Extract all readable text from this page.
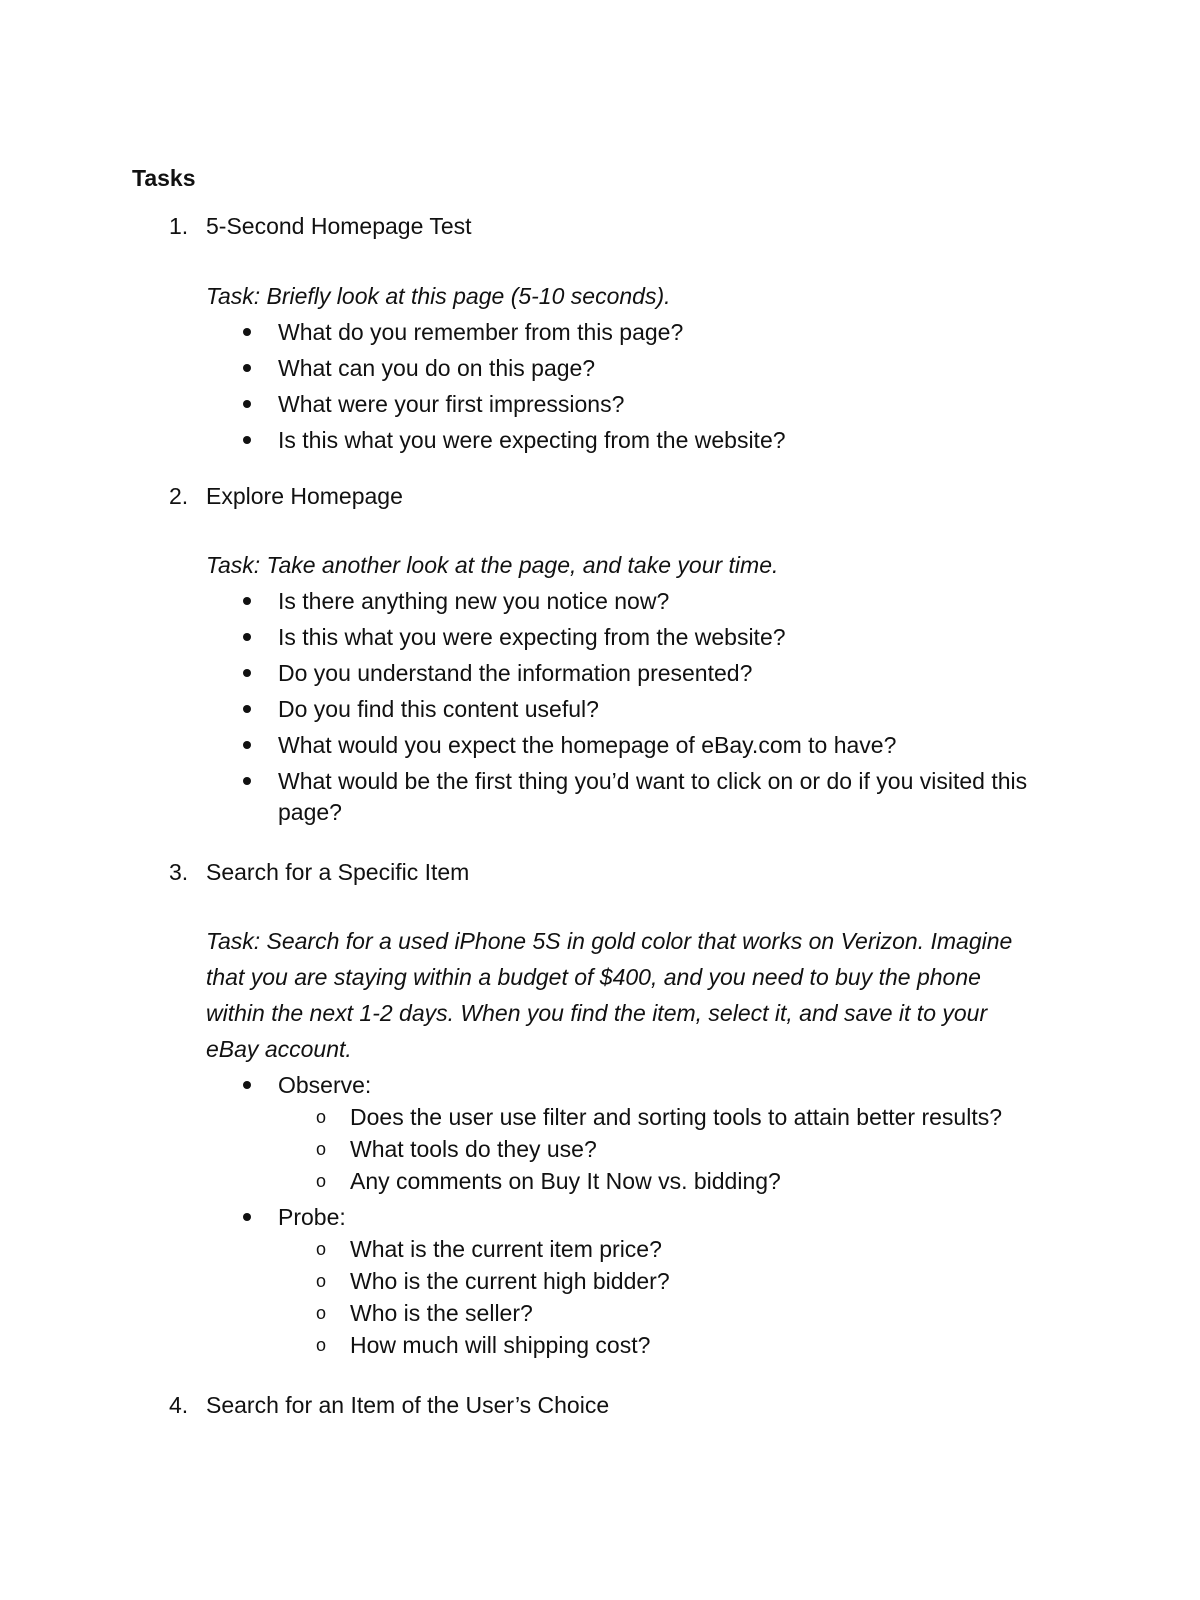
Tasks
1. 5-Second Homepage Test
Task: Briefly look at this page (5-10 seconds).
What do you remember from this page?
What can you do on this page?
What were your first impressions?
Is this what you were expecting from the website?
2. Explore Homepage
Task: Take another look at the page, and take your time.
Is there anything new you notice now?
Is this what you were expecting from the website?
Do you understand the information presented?
Do you find this content useful?
What would you expect the homepage of eBay.com to have?
What would be the first thing you’d want to click on or do if you visited this
page?
3. Search for a Specific Item
Task: Search for a used iPhone 5S in gold color that works on Verizon. Imagine
that you are staying within a budget of $400, and you need to buy the phone
within the next 1-2 days. When you find the item, select it, and save it to your
eBay account.
Observe:
o Does the user use filter and sorting tools to attain better results?
o What tools do they use?
o Any comments on Buy It Now vs. bidding?
Probe:
o What is the current item price?
o Who is the current high bidder?
o Who is the seller?
o How much will shipping cost?
4. Search for an Item of the User’s Choice
